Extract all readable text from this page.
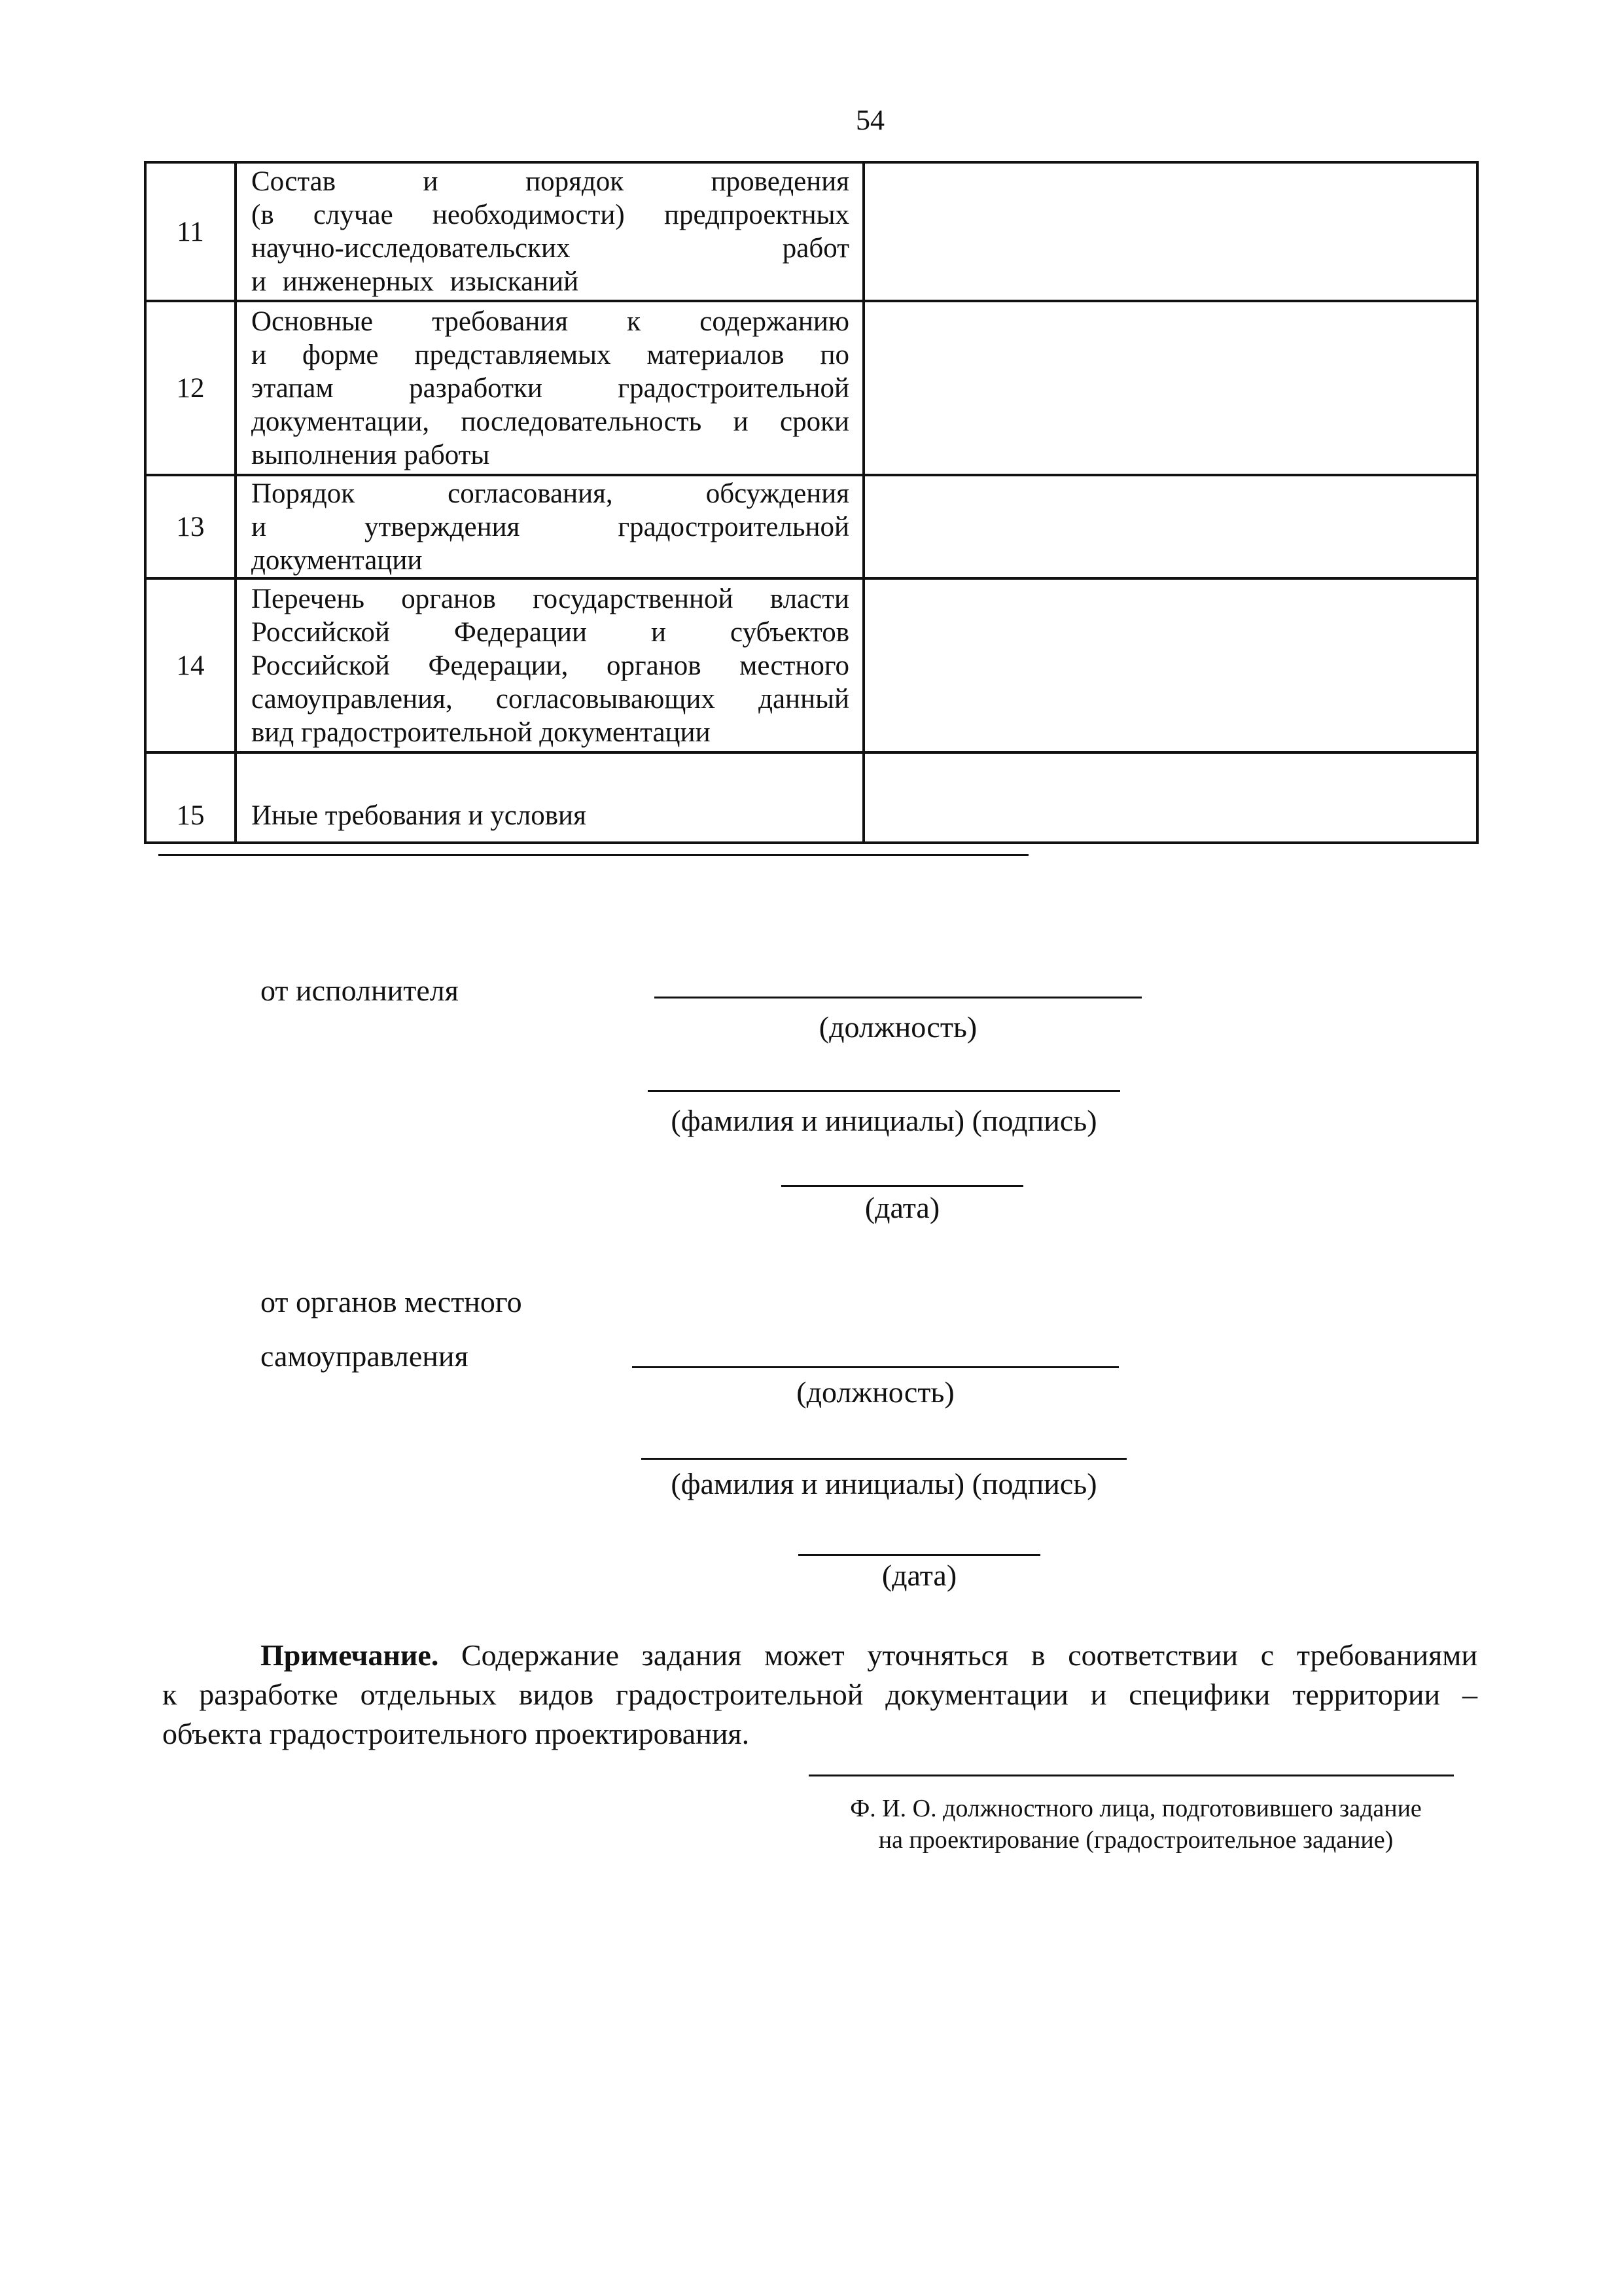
54
11	Состав и порядок проведения
(в случае необходимости) предпроектных
научно-исследовательских работ
и инженерных изысканий	

12	Основные требования к содержанию
и форме представляемых материалов по
этапам разработки градостроительной
документации, последовательность и сроки
выполнения работы	

13	Порядок согласования, обсуждения
и утверждения градостроительной
документации	

14	Перечень органов государственной власти
Российской Федерации и субъектов
Российской Федерации, органов местного
самоуправления, согласовывающих данный
вид градостроительной документации	

15	Иные требования и условия	

от исполнителя
(должность)
(фамилия и инициалы) (подпись)
(дата)
от органов местного
самоуправления
(должность)
(фамилия и инициалы) (подпись)
(дата)
Примечание. Содержание задания может уточняться в соответствии с требованиями
к разработке отдельных видов градостроительной документации и специфики территории –
объекта градостроительного проектирования.
Ф. И. О. должностного лица, подготовившего задание
на проектирование (градостроительное задание)
